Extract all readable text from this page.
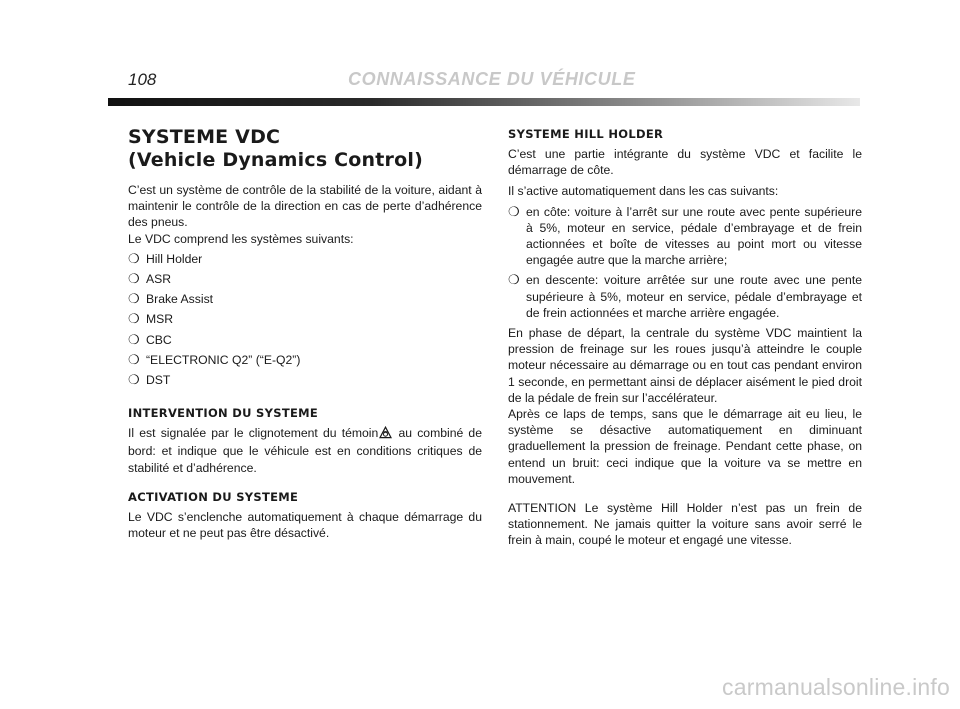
108	CONNAISSANCE DU VÉHICULE
SYSTEME VDC
(Vehicle Dynamics Control)

C’est un système de contrôle de la stabilité de la voiture, aidant à maintenir le contrôle de la direction en cas de perte d’adhérence des pneus.

Le VDC comprend les systèmes suivants:

❍ Hill Holder
❍ ASR
❍ Brake Assist
❍ MSR
❍ CBC
❍ “ELECTRONIC Q2” (“E-Q2”)
❍ DST
INTERVENTION DU SYSTEME

Il est signalée par le clignotement du témoin au combiné de bord: et indique que le véhicule est en conditions critiques de stabilité et d’adhérence.

ACTIVATION DU SYSTEME

Le VDC s’enclenche automatiquement à chaque démarrage du moteur et ne peut pas être désactivé.

SYSTEME HILL HOLDER

C’est une partie intégrante du système VDC et facilite le démarrage de côte.

Il s’active automatiquement dans les cas suivants:

❍ en côte: voiture à l’arrêt sur une route avec pente supérieure à 5%, moteur en service, pédale d’embrayage et de frein actionnées et boîte de vitesses au point mort ou vitesse engagée autre que la marche arrière;
❍ en descente: voiture arrêtée sur une route avec une pente supérieure à 5%, moteur en service, pédale d’embrayage et de frein actionnées et marche arrière engagée.

En phase de départ, la centrale du système VDC maintient la pression de freinage sur les roues jusqu’à atteindre le couple moteur nécessaire au démarrage ou en tout cas pendant environ 1 seconde, en permettant ainsi de déplacer aisément le pied droit de la pédale de frein sur l’accélérateur.

Après ce laps de temps, sans que le démarrage ait eu lieu, le système se désactive automatiquement en diminuant graduellement la pression de freinage. Pendant cette phase, on entend un bruit: ceci indique que la voiture va se mettre en mouvement.

ATTENTION Le système Hill Holder n’est pas un frein de stationnement. Ne jamais quitter la voiture sans avoir serré le frein à main, coupé le moteur et engagé une vitesse.

carmanualsonline.info
